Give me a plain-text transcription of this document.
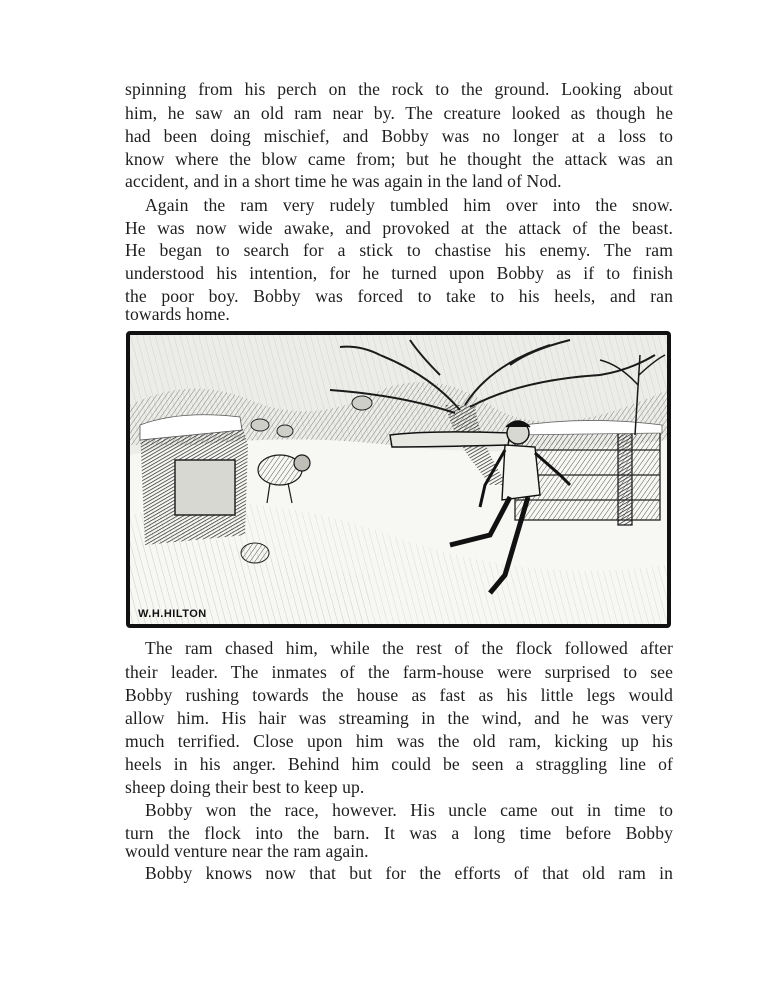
spinning from his perch on the rock to the ground. Looking about
him, he saw an old ram near by. The creature looked as though he
had been doing mischief, and Bobby was no longer at a loss to
know where the blow came from; but he thought the attack was an
accident, and in a short time he was again in the land of Nod.
Again the ram very rudely tumbled him over into the snow.
He was now wide awake, and provoked at the attack of the beast.
He began to search for a stick to chastise his enemy. The ram
understood his intention, for he turned upon Bobby as if to finish
the poor boy. Bobby was forced to take to his heels, and ran
towards home.
W.H.HILTON
The ram chased him, while the rest of the flock followed after
their leader. The inmates of the farm-house were surprised to see
Bobby rushing towards the house as fast as his little legs would
allow him. His hair was streaming in the wind, and he was very
much terrified. Close upon him was the old ram, kicking up his
heels in his anger. Behind him could be seen a straggling line of
sheep doing their best to keep up.
Bobby won the race, however. His uncle came out in time to
turn the flock into the barn. It was a long time before Bobby
would venture near the ram again.
Bobby knows now that but for the efforts of that old ram in
